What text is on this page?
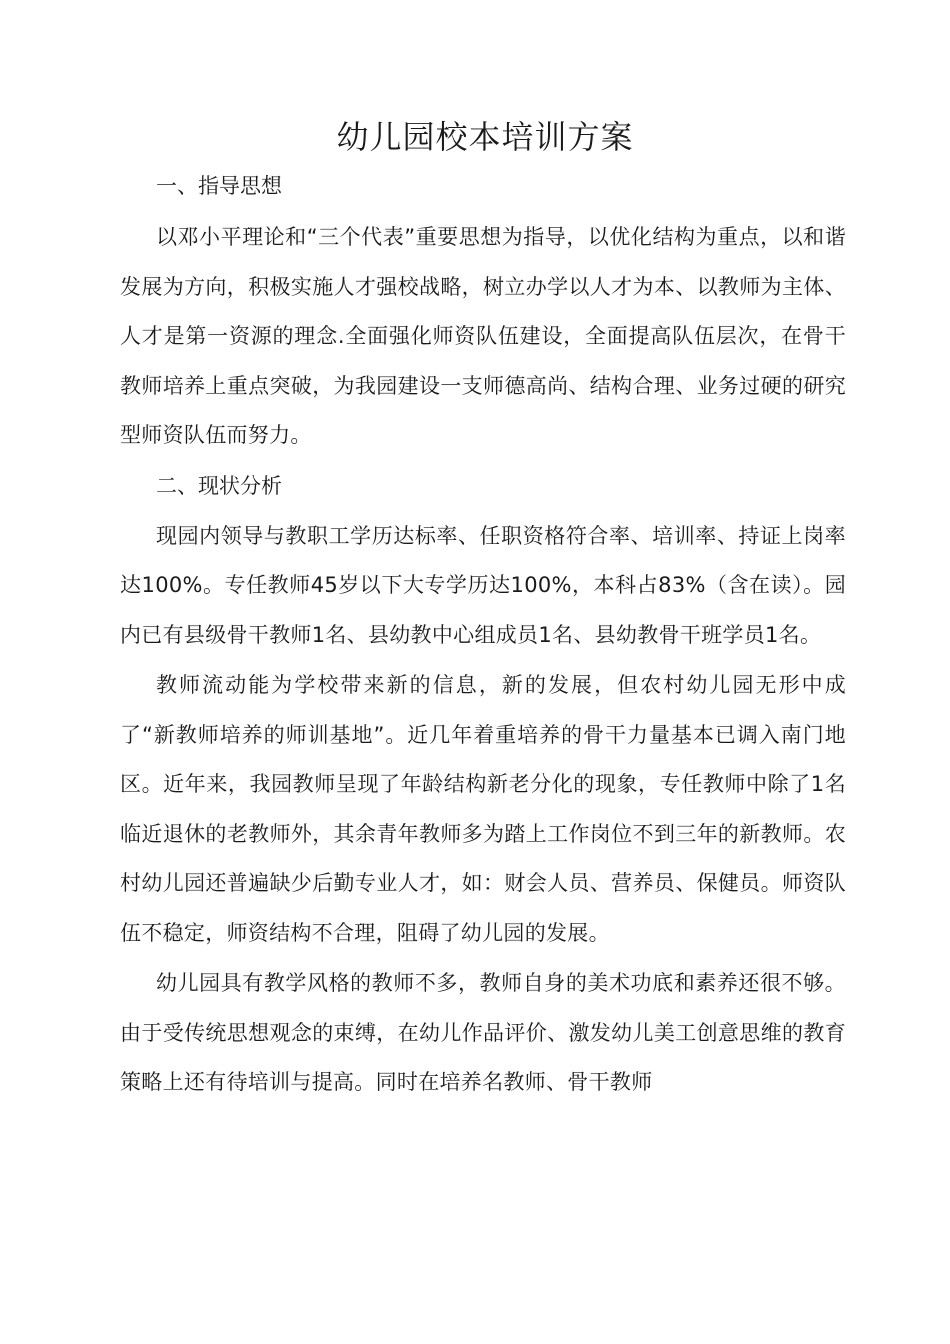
幼儿园校本培训方案

一、指导思想

以邓小平理论和“三个代表”重要思想为指导，以优化结构为重点，以和谐发展为方向，积极实施人才强校战略，树立办学以人才为本、以教师为主体、人才是第一资源的理念.全面强化师资队伍建设，全面提高队伍层次，在骨干教师培养上重点突破，为我园建设一支师德高尚、结构合理、业务过硬的研究型师资队伍而努力。

二、现状分析

现园内领导与教职工学历达标率、任职资格符合率、培训率、持证上岗率达100%。专任教师45岁以下大专学历达100%，本科占83%（含在读）。园内已有县级骨干教师1名、县幼教中心组成员1名、县幼教骨干班学员1名。

教师流动能为学校带来新的信息，新的发展，但农村幼儿园无形中成了“新教师培养的师训基地”。近几年着重培养的骨干力量基本已调入南门地区。近年来，我园教师呈现了年龄结构新老分化的现象，专任教师中除了1名临近退休的老教师外，其余青年教师多为踏上工作岗位不到三年的新教师。农村幼儿园还普遍缺少后勤专业人才，如：财会人员、营养员、保健员。师资队伍不稳定，师资结构不合理，阻碍了幼儿园的发展。

幼儿园具有教学风格的教师不多，教师自身的美术功底和素养还很不够。由于受传统思想观念的束缚，在幼儿作品评价、激发幼儿美工创意思维的教育策略上还有待培训与提高。同时在培养名教师、骨干教师
